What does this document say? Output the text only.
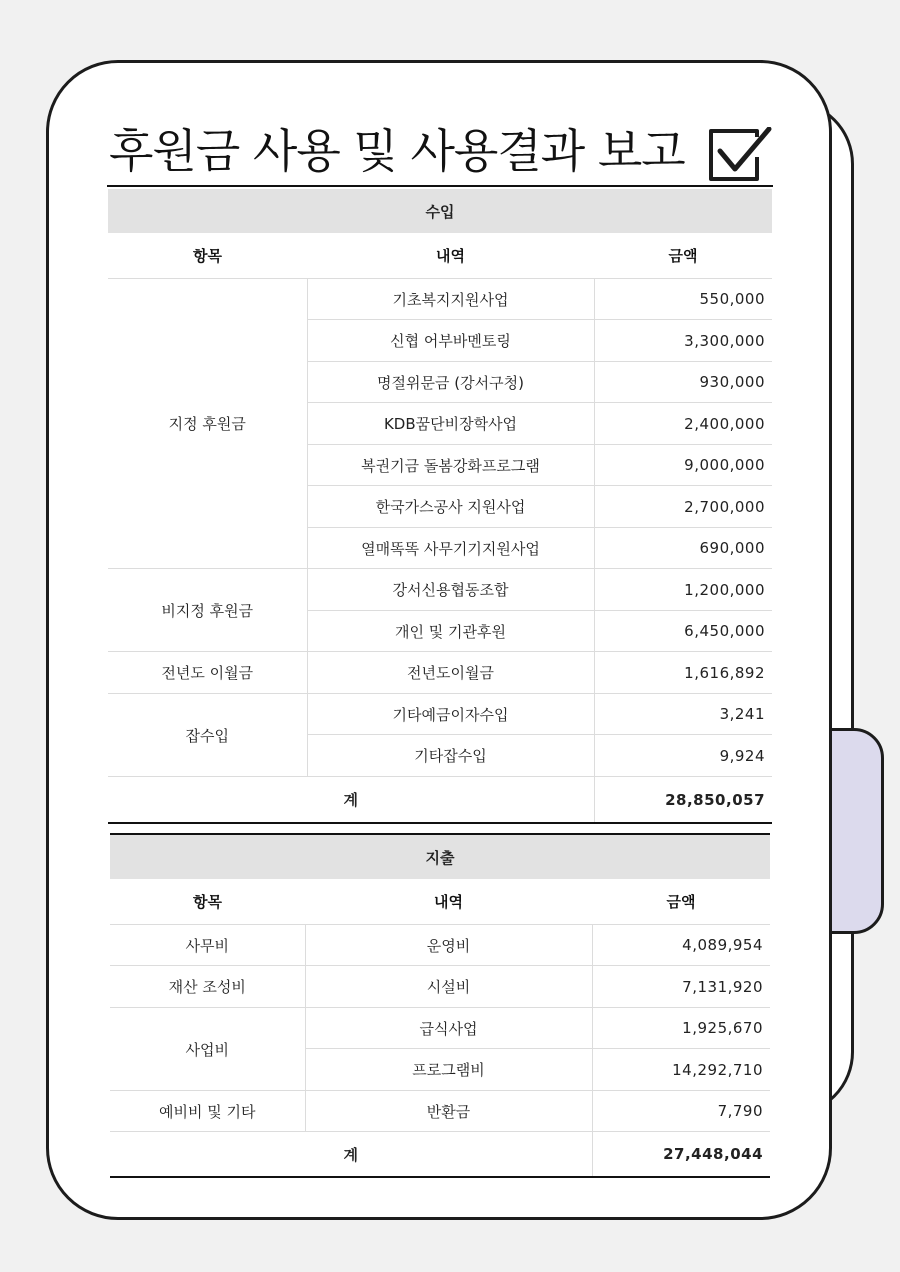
후원금 사용 및 사용결과 보고
수입		
항목	내역	금액
지정 후원금	기초복지지원사업	550,000
	신협 어부바멘토링	3,300,000
	명절위문금 (강서구청)	930,000
	KDB꿈단비장학사업	2,400,000
	복권기금 돌봄강화프로그램	9,000,000
	한국가스공사 지원사업	2,700,000
	열매똑똑 사무기기지원사업	690,000
비지정 후원금	강서신용협동조합	1,200,000
	개인 및 기관후원	6,450,000
전년도 이월금	전년도이월금	1,616,892
잡수입	기타예금이자수입	3,241
	기타잡수입	9,924
계		28,850,057
지출		
항목	내역	금액
사무비	운영비	4,089,954
재산 조성비	시설비	7,131,920
사업비	급식사업	1,925,670
	프로그램비	14,292,710
예비비 및 기타	반환금	7,790
계		27,448,044
